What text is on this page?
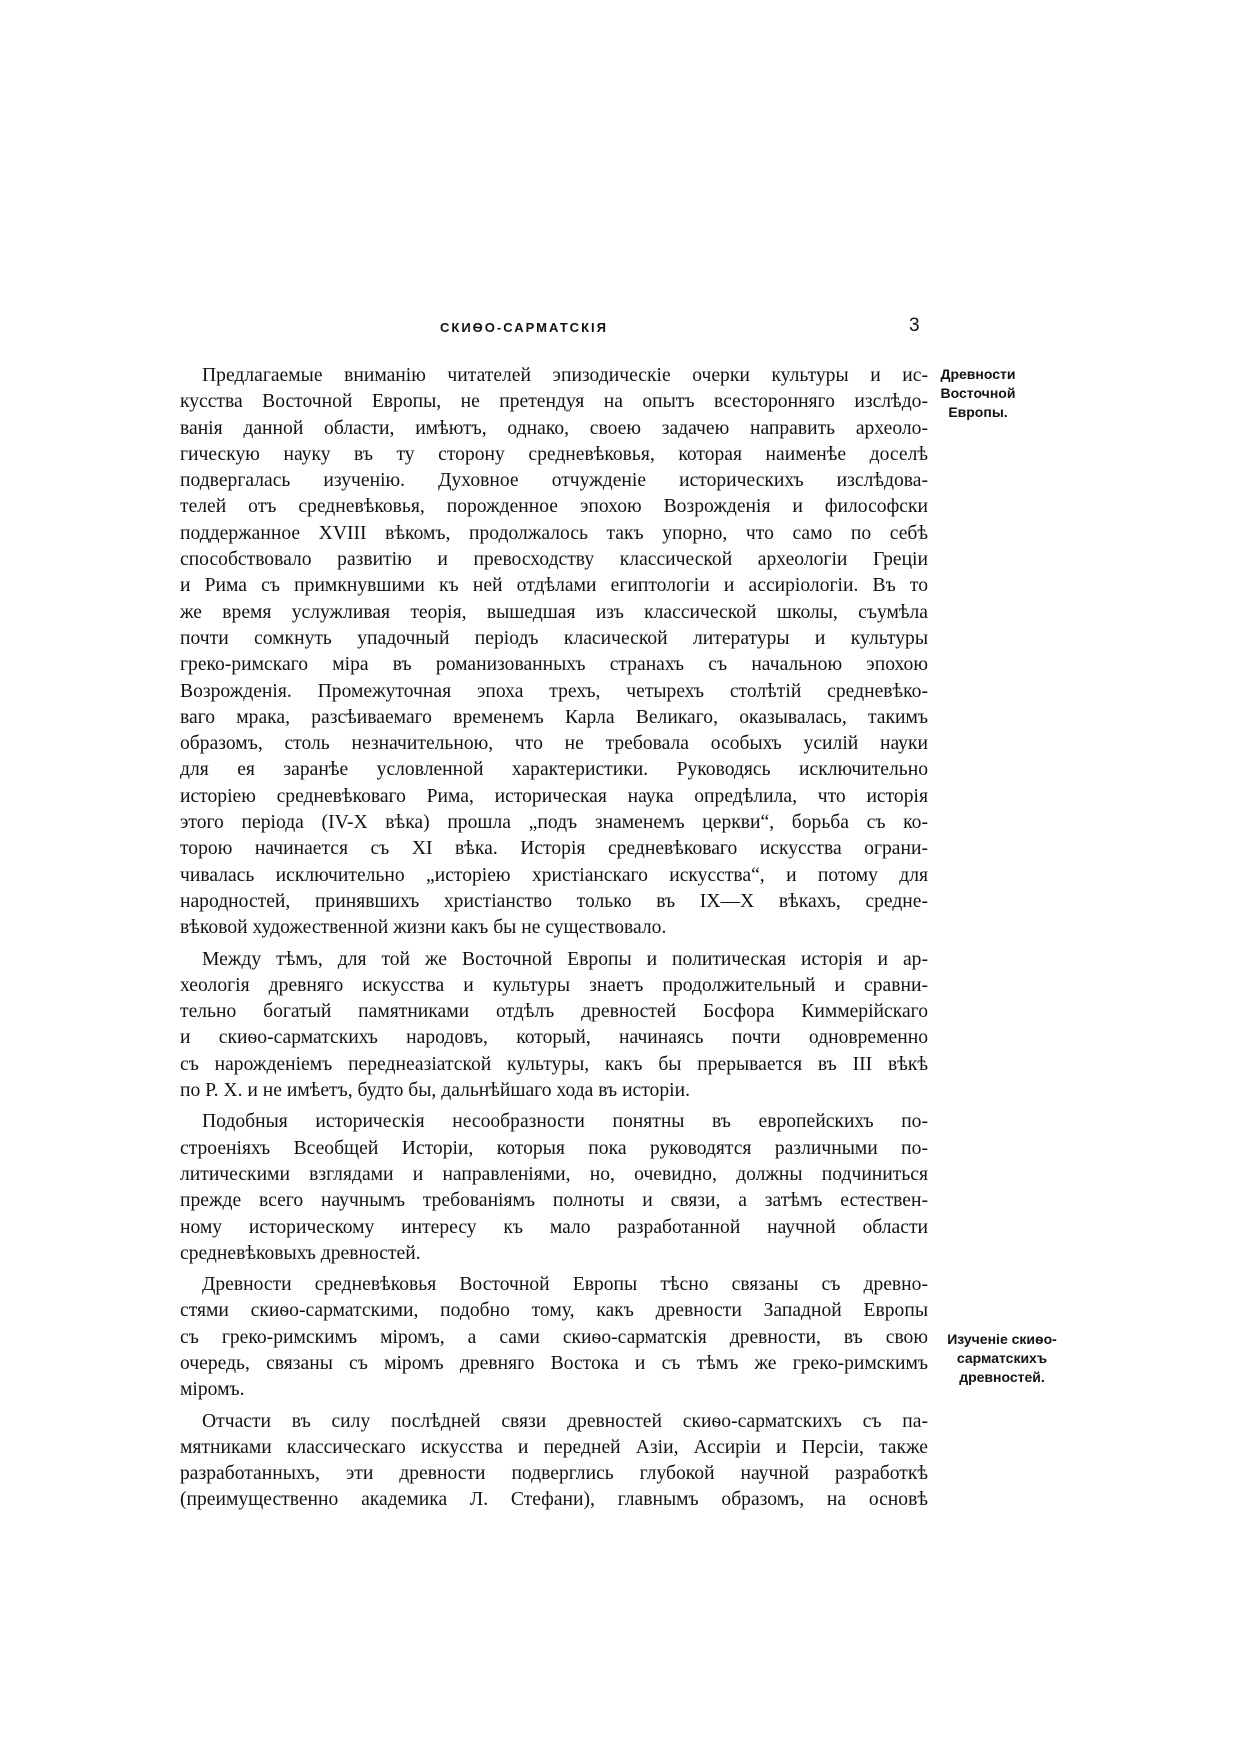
СКИѲО-САРМАТСКІЯ	3
Древности
Восточной
Европы.
Изученіе скиѳо-
сарматскихъ
древностей.
Предлагаемые вниманію читателей эпизодическіе очерки культуры и ис-
кусства Восточной Европы, не претендуя на опытъ всесторонняго изслѣдо-
ванія данной области, имѣютъ, однако, своею задачею направить археоло-
гическую науку въ ту сторону средневѣковья, которая наименѣе доселѣ
подвергалась изученію. Духовное отчужденіе историческихъ изслѣдова-
телей отъ средневѣковья, порожденное эпохою Возрожденія и философски
поддержанное XVIII вѣкомъ, продолжалось такъ упорно, что само по себѣ
способствовало развитію и превосходству классической археологіи Греціи
и Рима съ примкнувшими къ ней отдѣлами египтологіи и ассиріологіи. Въ то
же время услужливая теорія, вышедшая изъ классической школы, съумѣла
почти сомкнуть упадочный періодъ класической литературы и культуры
греко-римскаго міра въ романизованныхъ странахъ съ начальною эпохою
Возрожденія. Промежуточная эпоха трехъ, четырехъ столѣтій средневѣко-
ваго мрака, разсѣиваемаго временемъ Карла Великаго, оказывалась, такимъ
образомъ, столь незначительною, что не требовала особыхъ усилій науки
для ея заранѣе условленной характеристики. Руководясь исключительно
исторіею средневѣковаго Рима, историческая наука опредѣлила, что исторія
этого періода (IV-X вѣка) прошла „подъ знаменемъ церкви“, борьба съ ко-
торою начинается съ XI вѣка. Исторія средневѣковаго искусства ограни-
чивалась исключительно „исторіею христіанскаго искусства“, и потому для
народностей, принявшихъ христіанство только въ IX—X вѣкахъ, средне-
вѣковой художественной жизни какъ бы не существовало.
Между тѣмъ, для той же Восточной Европы и политическая исторія и ар-
хеологія древняго искусства и культуры знаетъ продолжительный и сравни-
тельно богатый памятниками отдѣлъ древностей Босфора Киммерійскаго
и скиѳо-сарматскихъ народовъ, который, начинаясь почти одновременно
съ нарожденіемъ переднеазіатской культуры, какъ бы прерывается въ III вѣкѣ
по Р. Х. и не имѣетъ, будто бы, дальнѣйшаго хода въ исторіи.
Подобныя историческія несообразности понятны въ европейскихъ по-
строеніяхъ Всеобщей Исторіи, которыя пока руководятся различными по-
литическими взглядами и направленіями, но, очевидно, должны подчиниться
прежде всего научнымъ требованіямъ полноты и связи, а затѣмъ естествен-
ному историческому интересу къ мало разработанной научной области
средневѣковыхъ древностей.
Древности средневѣковья Восточной Европы тѣсно связаны съ древно-
стями скиѳо-сарматскими, подобно тому, какъ древности Западной Европы
съ греко-римскимъ міромъ, а сами скиѳо-сарматскія древности, въ свою
очередь, связаны съ міромъ древняго Востока и съ тѣмъ же греко-римскимъ
міромъ.
Отчасти въ силу послѣдней связи древностей скиѳо-сарматскихъ съ па-
мятниками классическаго искусства и передней Азіи, Ассиріи и Персіи, также
разработанныхъ, эти древности подверглись глубокой научной разработкѣ
(преимущественно академика Л. Стефани), главнымъ образомъ, на основѣ
